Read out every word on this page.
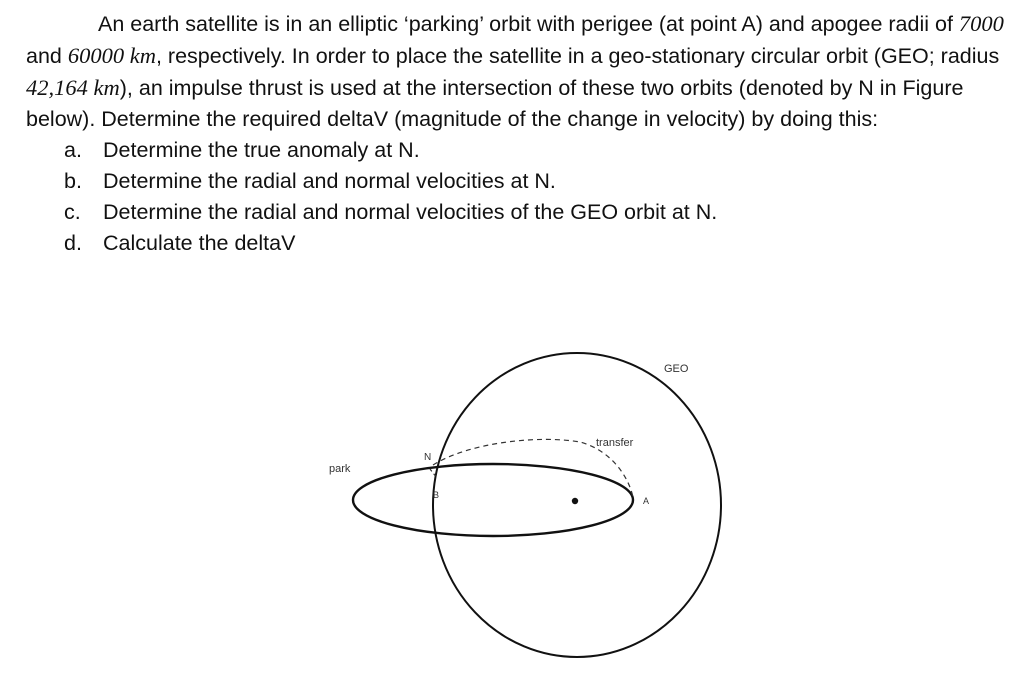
An earth satellite is in an elliptic ‘parking’ orbit with perigee (at point A) and apogee radii of 7000 and 60000 km, respectively. In order to place the satellite in a geo-stationary circular orbit (GEO; radius 42,164 km), an impulse thrust is used at the intersection of these two orbits (denoted by N in Figure below). Determine the required deltaV (magnitude of the change in velocity) by doing this:

a. Determine the true anomaly at N.
b. Determine the radial and normal velocities at N.
c.	Determine the radial and normal velocities of the GEO orbit at N.
d. Calculate the deltaV
GEO
transfer
park
N
B
A
